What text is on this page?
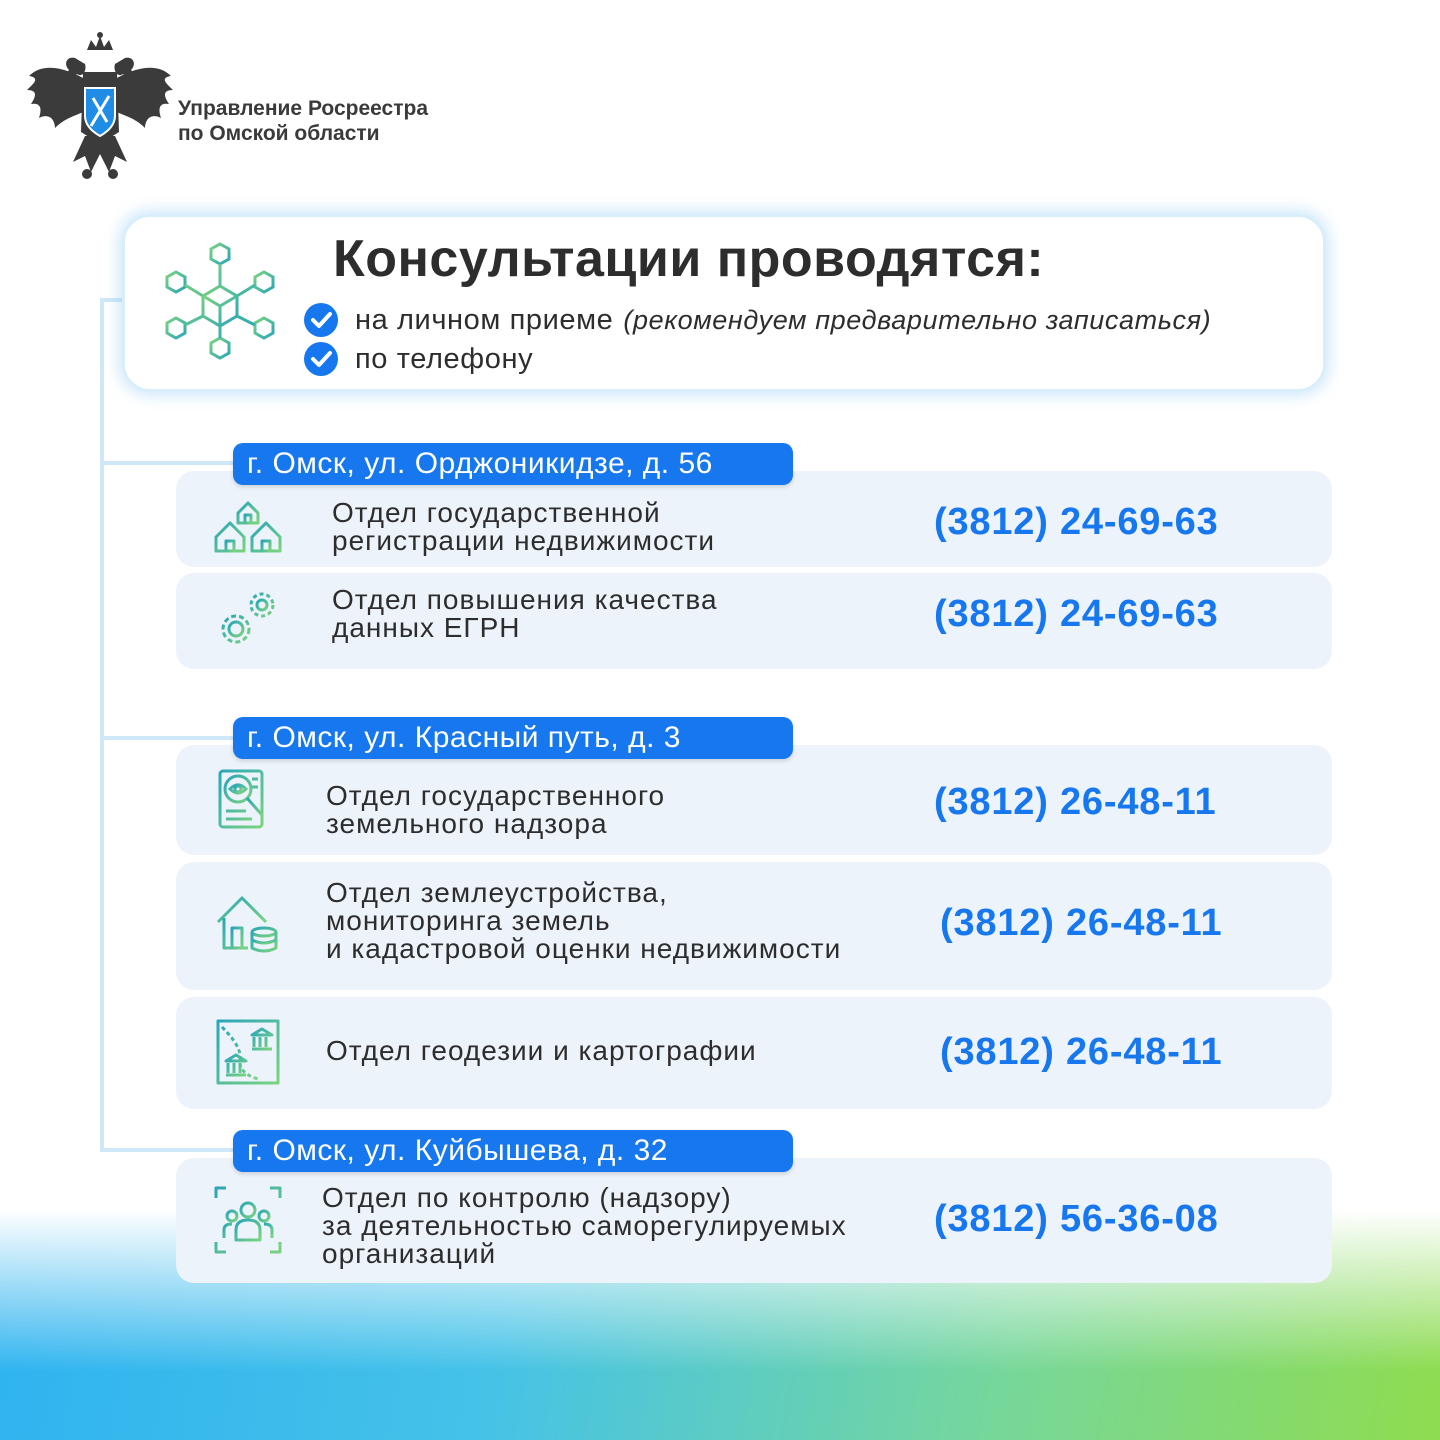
Управление Росреестра
по Омской области
Консультации проводятся:
на личном приеме (рекомендуем предварительно записаться)
по телефону
г. Омск, ул. Орджоникидзе, д. 56
Отдел государственной
регистрации недвижимости	(3812) 24-69-63
Отдел повышения качества
данных ЕГРН	(3812) 24-69-63
г. Омск, ул. Красный путь, д. 3
Отдел государственного
земельного надзора
(3812) 26-48-11
Отдел землеустройства,
мониторинга земель
и кадастровой оценки недвижимости
(3812) 26-48-11
Отдел геодезии и картографии	(3812) 26-48-11
г. Омск, ул. Куйбышева, д. 32
Отдел по контролю (надзору)
за деятельностью саморегулируемых
организаций
(3812) 56-36-08
